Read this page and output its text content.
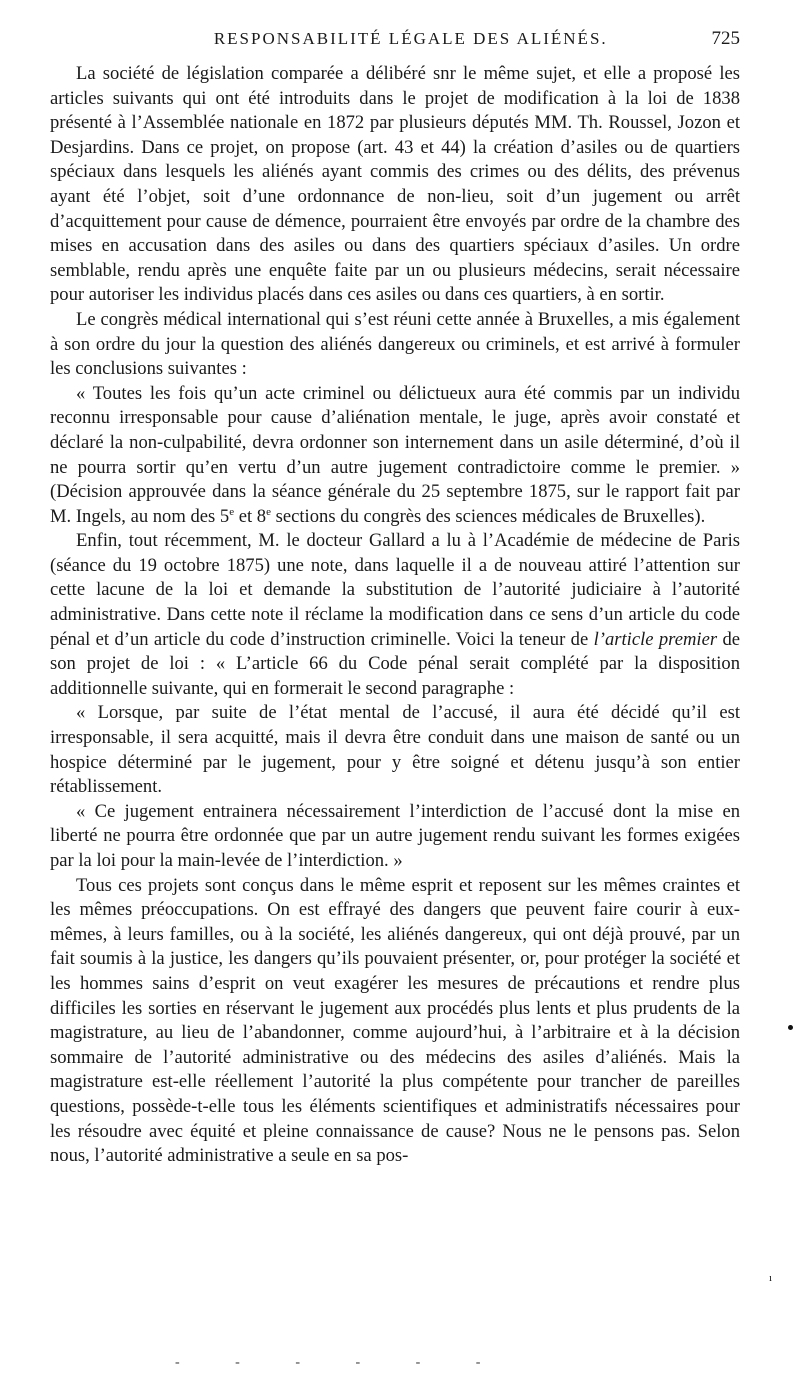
RESPONSABILITÉ LÉGALE DES ALIÉNÉS.	725

La société de législation comparée a délibéré snr le même sujet, et elle a proposé les articles suivants qui ont été introduits dans le projet de modification à la loi de 1838 présenté à l’Assemblée nationale en 1872 par plusieurs députés MM. Th. Roussel, Jozon et Desjardins. Dans ce projet, on propose (art. 43 et 44) la création d’asiles ou de quartiers spéciaux dans lesquels les aliénés ayant commis des crimes ou des délits, des prévenus ayant été l’objet, soit d’une ordonnance de non-lieu, soit d’un jugement ou arrêt d’acquittement pour cause de démence, pourraient être envoyés par ordre de la chambre des mises en accusation dans des asiles ou dans des quartiers spéciaux d’asiles. Un ordre semblable, rendu après une enquête faite par un ou plusieurs médecins, serait nécessaire pour autoriser les individus placés dans ces asiles ou dans ces quartiers, à en sortir.

Le congrès médical international qui s’est réuni cette année à Bruxelles, a mis également à son ordre du jour la question des aliénés dangereux ou criminels, et est arrivé à formuler les conclusions suivantes :

« Toutes les fois qu’un acte criminel ou délictueux aura été commis par un individu reconnu irresponsable pour cause d’aliénation mentale, le juge, après avoir constaté et déclaré la non-culpabilité, devra ordonner son internement dans un asile déterminé, d’où il ne pourra sortir qu’en vertu d’un autre jugement contradictoire comme le premier. » (Décision approuvée dans la séance générale du 25 septembre 1875, sur le rapport fait par M. Ingels, au nom des 5e et 8e sections du congrès des sciences médicales de Bruxelles).

Enfin, tout récemment, M. le docteur Gallard a lu à l’Académie de médecine de Paris (séance du 19 octobre 1875) une note, dans laquelle il a de nouveau attiré l’attention sur cette lacune de la loi et demande la substitution de l’autorité judiciaire à l’autorité administrative. Dans cette note il réclame la modification dans ce sens d’un article du code pénal et d’un article du code d’instruction criminelle. Voici la teneur de l’article premier de son projet de loi : « L’article 66 du Code pénal serait complété par la disposition additionnelle suivante, qui en formerait le second paragraphe :

« Lorsque, par suite de l’état mental de l’accusé, il aura été décidé qu’il est irresponsable, il sera acquitté, mais il devra être conduit dans une maison de santé ou un hospice déterminé par le jugement, pour y être soigné et détenu jusqu’à son entier rétablissement.

« Ce jugement entrainera nécessairement l’interdiction de l’accusé dont la mise en liberté ne pourra être ordonnée que par un autre jugement rendu suivant les formes exigées par la loi pour la main-levée de l’interdiction. »

Tous ces projets sont conçus dans le même esprit et reposent sur les mêmes craintes et les mêmes préoccupations. On est effrayé des dangers que peuvent faire courir à eux-mêmes, à leurs familles, ou à la société, les aliénés dangereux, qui ont déjà prouvé, par un fait soumis à la justice, les dangers qu’ils pouvaient présenter, or, pour protéger la société et les hommes sains d’esprit on veut exagérer les mesures de précautions et rendre plus difficiles les sorties en réservant le jugement aux procédés plus lents et plus prudents de la magistrature, au lieu de l’abandonner, comme aujourd’hui, à l’arbitraire et à la décision sommaire de l’autorité administrative ou des médecins des asiles d’aliénés. Mais la magistrature est-elle réellement l’autorité la plus compétente pour trancher de pareilles questions, possède-t-elle tous les éléments scientifiques et administratifs nécessaires pour les résoudre avec équité et pleine connaissance de cause? Nous ne le pensons pas. Selon nous, l’autorité administrative a seule en sa pos-

ı
- - - - - -
